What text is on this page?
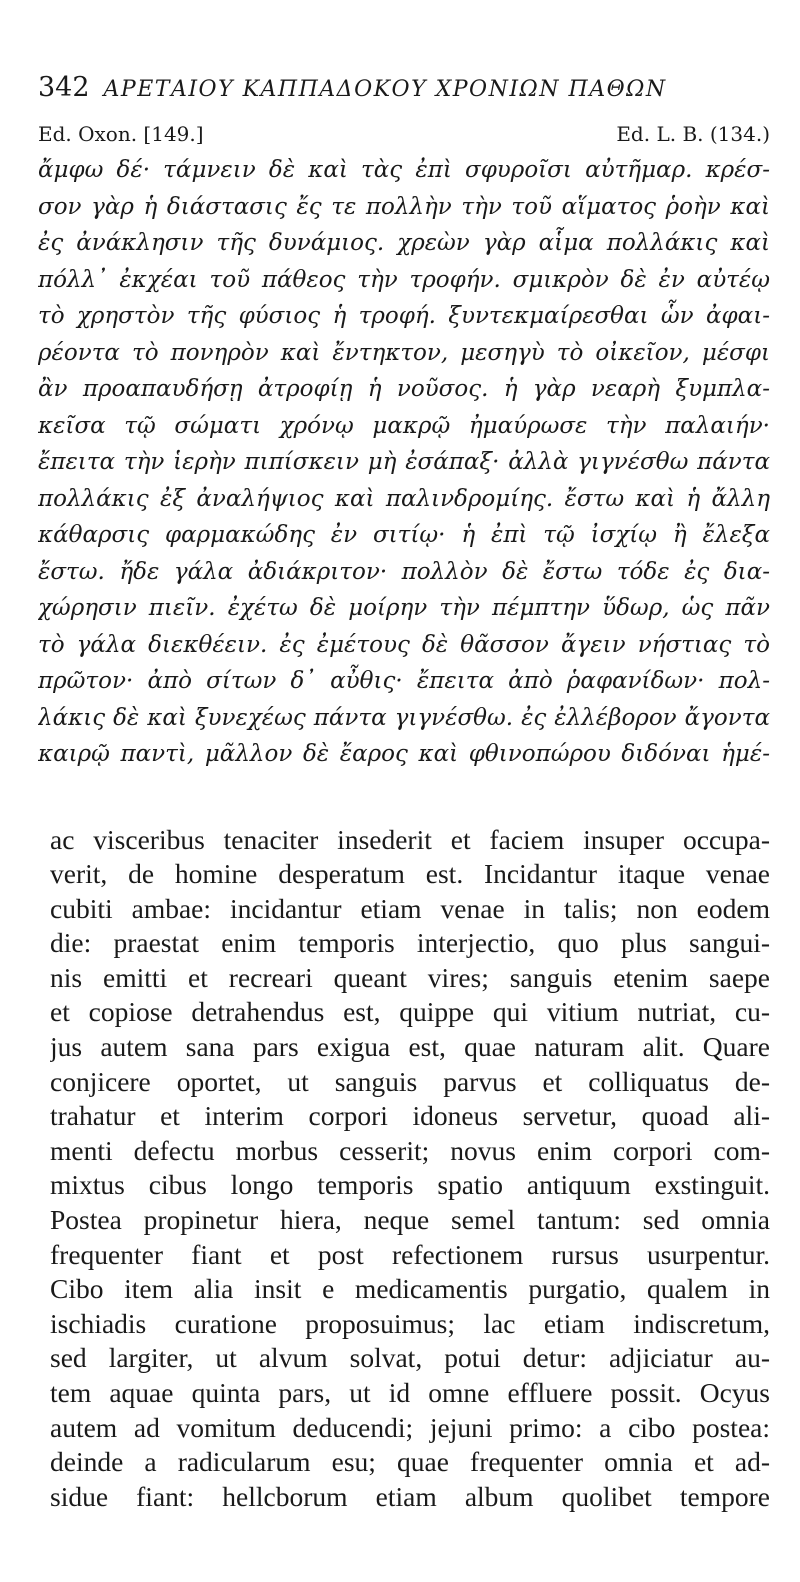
342 ΑΡΕΤΑΙΟΥ ΚΑΠΠΑΔΟΚΟΥ ΧΡΟΝΙΩΝ ΠΑΘΩΝ
Ed. Oxon. [149.]	Ed. L. B. (134.)
ἄμφω δέ· τάμνειν δὲ καὶ τὰς ἐπὶ σφυροῖσι αὐτῆμαρ. κρέσ-
σον γὰρ ἡ διάστασις ἔς τε πολλὴν τὴν τοῦ αἵματος ῥοὴν καὶ
ἐς ἀνάκλησιν τῆς δυνάμιος. χρεὼν γὰρ αἷμα πολλάκις καὶ
πόλλ᾽ ἐκχέαι τοῦ πάθεος τὴν τροφήν. σμικρὸν δὲ ἐν αὐτέῳ
τὸ χρηστὸν τῆς φύσιος ἡ τροφή. ξυντεκμαίρεσθαι ὧν ἀφαι-
ρέοντα τὸ πονηρὸν καὶ ἔντηκτον, μεσηγὺ τὸ οἰκεῖον, μέσφι
ἂν προαπαυδήσῃ ἀτροφίῃ ἡ νοῦσος. ἡ γὰρ νεαρὴ ξυμπλα-
κεῖσα τῷ σώματι χρόνῳ μακρῷ ἠμαύρωσε τὴν παλαιήν·
ἔπειτα τὴν ἱερὴν πιπίσκειν μὴ ἐσάπαξ· ἀλλὰ γιγνέσθω πάντα
πολλάκις ἐξ ἀναλήψιος καὶ παλινδρομίης. ἔστω καὶ ἡ ἄλλη
κάθαρσις φαρμακώδης ἐν σιτίῳ· ἡ ἐπὶ τῷ ἰσχίῳ ἢ ἔλεξα
ἔστω. ἤδε γάλα ἀδιάκριτον· πολλὸν δὲ ἔστω τόδε ἐς δια-
χώρησιν πιεῖν. ἐχέτω δὲ μοίρην τὴν πέμπτην ὕδωρ, ὡς πᾶν
τὸ γάλα διεκθέειν. ἐς ἐμέτους δὲ θᾶσσον ἄγειν νήστιας τὸ
πρῶτον· ἀπὸ σίτων δ᾽ αὖθις· ἔπειτα ἀπὸ ῥαφανίδων· πολ-
λάκις δὲ καὶ ξυνεχέως πάντα γιγνέσθω. ἐς ἐλλέβορον ἄγοντα
καιρῷ παντὶ, μᾶλλον δὲ ἔαρος καὶ φθινοπώρου διδόναι ἡμέ-
ac visceribus tenaciter insederit et faciem insuper occupa-
verit, de homine desperatum est. Incidantur itaque venae
cubiti ambae: incidantur etiam venae in talis; non eodem
die: praestat enim temporis interjectio, quo plus sangui-
nis emitti et recreari queant vires; sanguis etenim saepe
et copiose detrahendus est, quippe qui vitium nutriat, cu-
jus autem sana pars exigua est, quae naturam alit. Quare
conjicere oportet, ut sanguis parvus et colliquatus de-
trahatur et interim corpori idoneus servetur, quoad ali-
menti defectu morbus cesserit; novus enim corpori com-
mixtus cibus longo temporis spatio antiquum exstinguit.
Postea propinetur hiera, neque semel tantum: sed omnia
frequenter fiant et post refectionem rursus usurpentur.
Cibo item alia insit e medicamentis purgatio, qualem in
ischiadis curatione proposuimus; lac etiam indiscretum,
sed largiter, ut alvum solvat, potui detur: adjiciatur au-
tem aquae quinta pars, ut id omne effluere possit. Ocyus
autem ad vomitum deducendi; jejuni primo: a cibo postea:
deinde a radicularum esu; quae frequenter omnia et ad-
sidue fiant: hellcborum etiam album quolibet tempore
